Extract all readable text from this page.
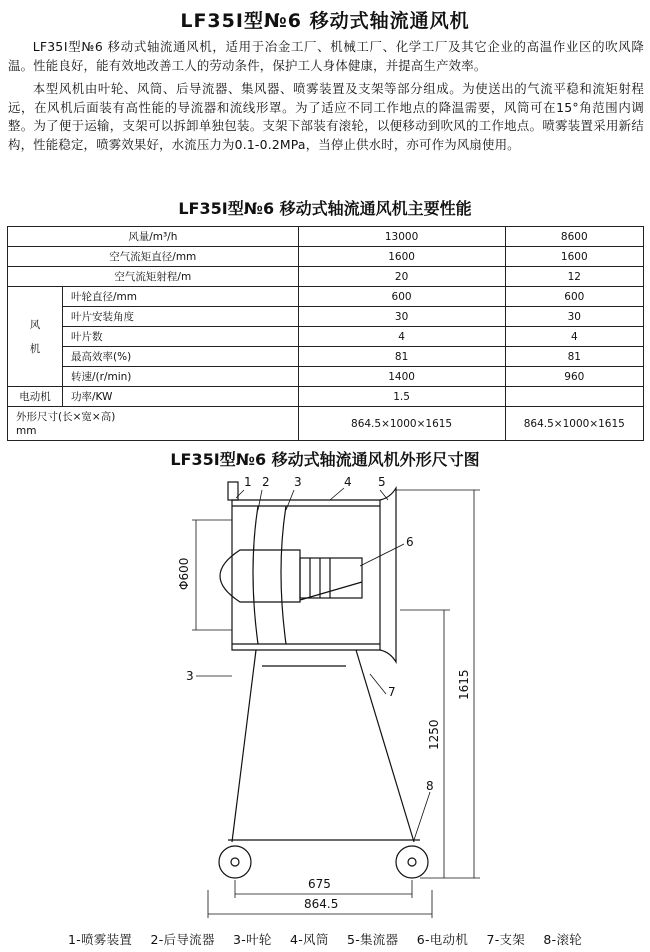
LF35Ⅰ型№6 移动式轴流通风机
LF35Ⅰ型№6 移动式轴流通风机，适用于冶金工厂、机械工厂、化学工厂及其它企业的高温作业区的吹风降温。性能良好，能有效地改善工人的劳动条件，保护工人身体健康，并提高生产效率。
本型风机由叶轮、风筒、后导流器、集风器、喷雾装置及支架等部分组成。为使送出的气流平稳和流矩射程远，在风机后面装有高性能的导流器和流线形罩。为了适应不同工作地点的降温需要，风筒可在15°角范围内调整。为了便于运输，支架可以拆卸单独包装。支架下部装有滚轮，以便移动到吹风的工作地点。喷雾装置采用新结构，性能稳定，喷雾效果好，水流压力为0.1-0.2MPa，当停止供水时，亦可作为风扇使用。
LF35Ⅰ型№6 移动式轴流通风机主要性能
风量/m³/h		13000	8600
空气流矩直径/mm		1600	1600
空气流矩射程/m		20	12
风

机	叶轮直径/mm	600	600
	叶片安装角度	30	30
	叶片数	4	4
	最高效率(%)	81	81
	转速/(r/min)	1400	960
电动机	功率/KW	1.5	
外形尺寸(长×宽×高)
mm		864.5×1000×1615	864.5×1000×1615
LF35Ⅰ型№6 移动式轴流通风机外形尺寸图
1 2 3	4 5
6
7
8
3
Φ600
1615
1250
675
864.5
1-喷雾装置 2-后导流器 3-叶轮 4-风筒 5-集流器 6-电动机 7-支架 8-滚轮
